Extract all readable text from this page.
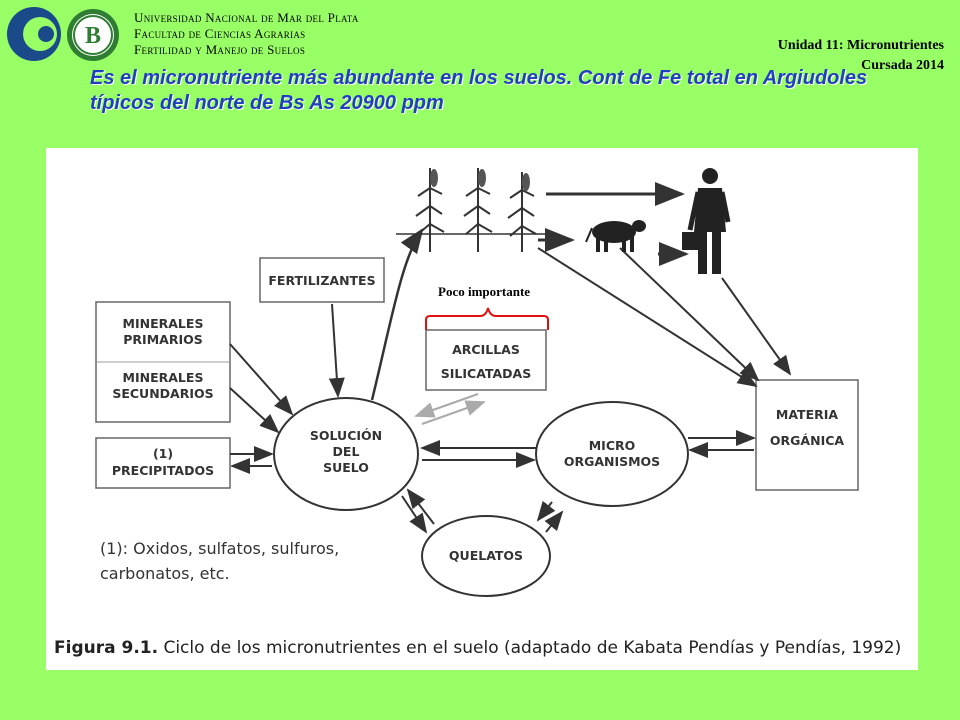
B
Universidad Nacional de Mar del Plata
Facultad de Ciencias Agrarias
Fertilidad y Manejo de Suelos	Unidad 11: Micronutrientes
Cursada 2014
Es el micronutriente más abundante en los suelos. Cont de Fe total en Argiudoles típicos del norte de Bs As 20900 ppm
FERTILIZANTES
MINERALES
PRIMARIOS
MINERALES
SECUNDARIOS
(1)
PRECIPITADOS
ARCILLAS
SILICATADAS
MATERIA
ORGÁNICA
SOLUCIÓN
DEL
SUELO
MICRO
ORGANISMOS
QUELATOS
Poco importante
(1): Oxidos, sulfatos, sulfuros,
carbonatos, etc.
Figura 9.1. Ciclo de los micronutrientes en el suelo (adaptado de Kabata Pendías y Pendías, 1992)
